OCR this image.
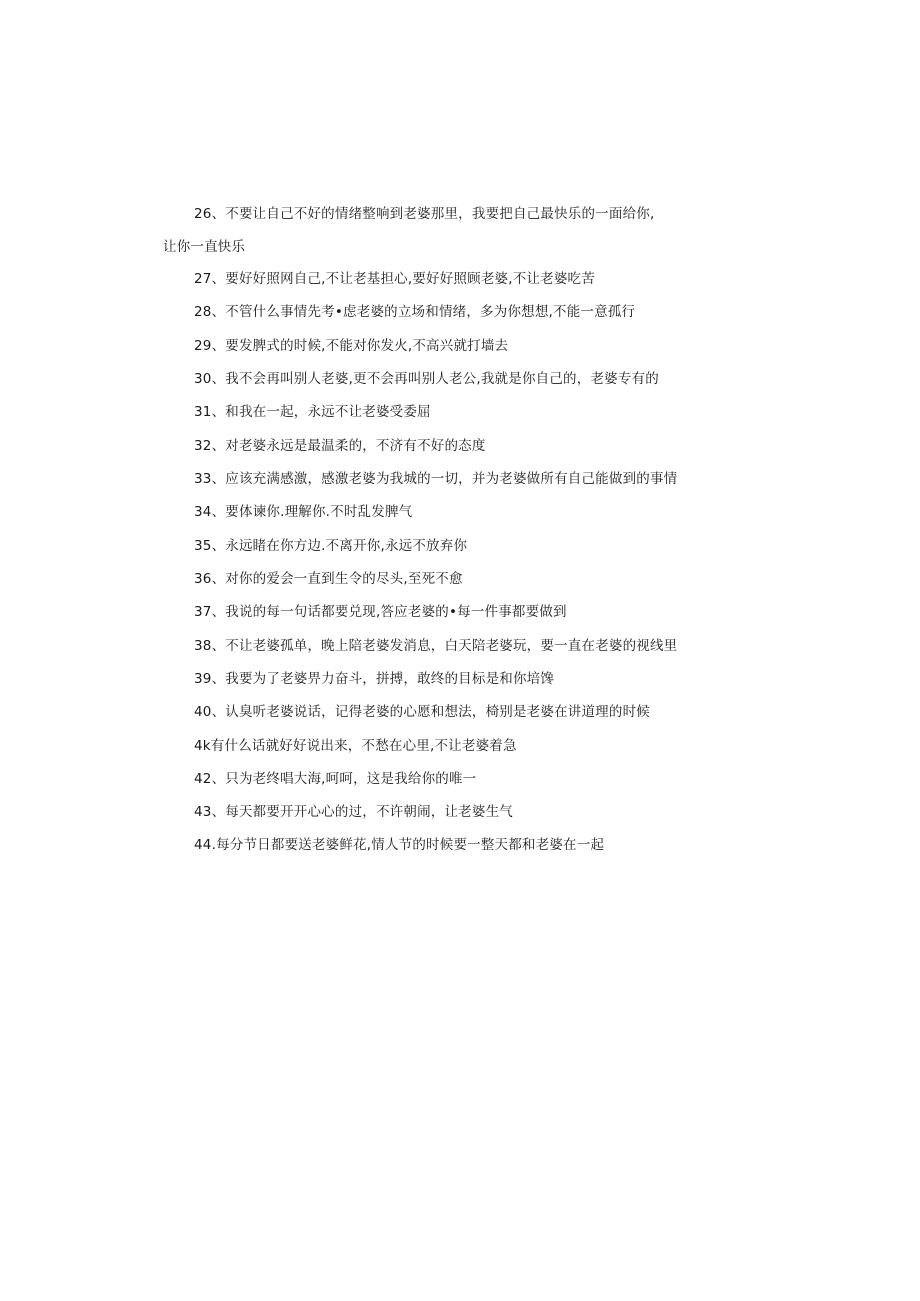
26、不要让自己不好的情绪整响到老婆那里，我要把自己最快乐的一面给你,
让你一直快乐
27、要好好照网自己,不让老基担心,要好好照顾老婆,不让老婆吃苦
28、不管什么事情先考•虑老婆的立场和情绪，多为你想想,不能一意孤行
29、要发脾式的时候,不能对你发火,不高兴就打墙去
30、我不会再叫别人老婆,更不会再叫别人老公,我就是你自己的，老婆专有的
31、和我在一起，永远不让老婆受委屈
32、对老婆永远是最温柔的，不济有不好的态度
33、应该充满感激，感激老婆为我城的一切，并为老婆做所有自己能做到的事情
34、要体谏你.理解你.不时乱发脾气
35、永远睹在你方边.不离开你,永远不放弃你
36、对你的爱会一直到生令的尽头,至死不愈
37、我说的每一句话都要兑现,答应老婆的•每一件事都要做到
38、不让老婆孤单，晚上陪老婆发消息，白天陪老婆玩，要一直在老婆的视线里
39、我要为了老婆畀力奋斗，拼搏，敢终的目标是和你培馋
40、认臭听老婆说话，记得老婆的心愿和想法，椅别是老婆在讲道理的时候
4k有什么话就好好说出来，不愁在心里,不让老婆着急
42、只为老终唱大海,呵呵，这是我给你的唯一
43、每天都要开开心心的过，不许朝闹，让老婆生气
44.每分节日都要送老婆鲜花,情人节的时候要一整天都和老婆在一起
